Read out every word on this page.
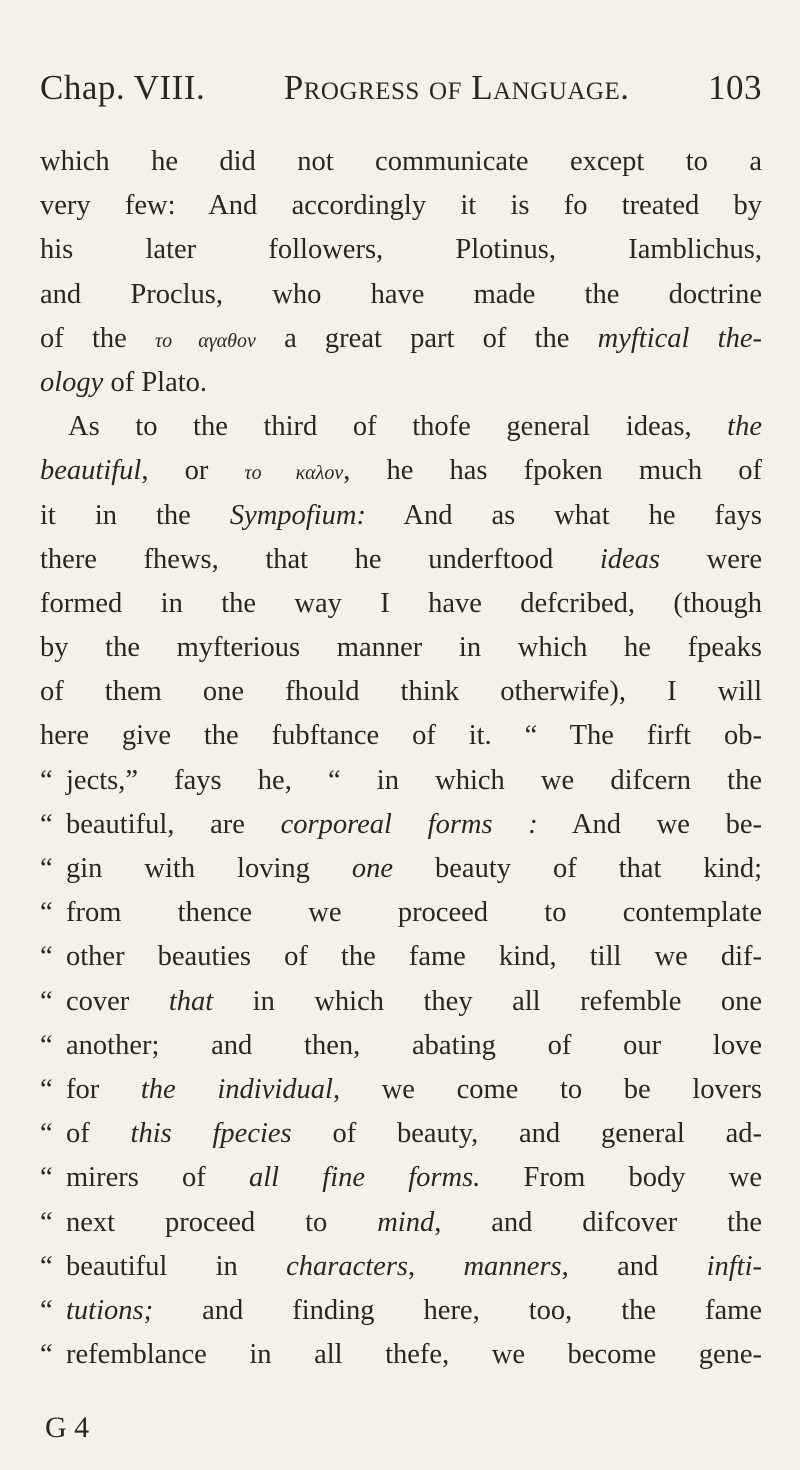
Chap. VIII. Progress of Language. 103
which he did not communicate except to a
very few: And accordingly it is fo treated by
his later followers, Plotinus, Iamblichus,
and Proclus, who have made the doctrine
of the το αγαθον a great part of the myftical the-
ology of Plato.
As to the third of thofe general ideas, the
beautiful, or το καλον, he has fpoken much of
it in the Sympofium: And as what he fays
there fhews, that he underftood ideas were
formed in the way I have defcribed, (though
by the myfterious manner in which he fpeaks
of them one fhould think otherwife), I will
here give the fubftance of it. “ The firft ob-
“ jects,” fays he, “ in which we difcern the
“ beautiful, are corporeal forms : And we be-
“ gin with loving one beauty of that kind;
“ from thence we proceed to contemplate
“ other beauties of the fame kind, till we dif-
“ cover that in which they all refemble one
“ another; and then, abating of our love
“ for the individual, we come to be lovers
“ of this fpecies of beauty, and general ad-
“ mirers of all fine forms. From body we
“ next proceed to mind, and difcover the
“ beautiful in characters, manners, and infti-
“ tutions; and finding here, too, the fame
“ refemblance in all thefe, we become gene-
G 4
